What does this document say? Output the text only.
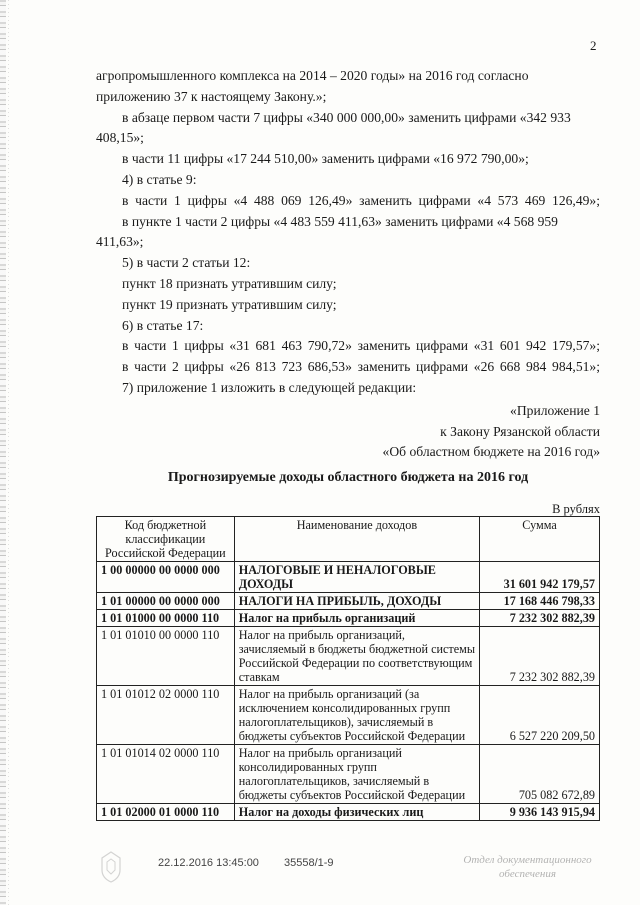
2

агропромышленного комплекса на 2014 – 2020 годы» на 2016 год согласно приложению 37 к настоящему Закону.»;

в абзаце первом части 7 цифры «340 000 000,00» заменить цифрами «342 933 408,15»;

в части 11 цифры «17 244 510,00» заменить цифрами «16 972 790,00»;

4) в статье 9:

в части 1 цифры «4 488 069 126,49» заменить цифрами «4 573 469 126,49»;

в пункте 1 части 2 цифры «4 483 559 411,63» заменить цифрами «4 568 959 411,63»;

5) в части 2 статьи 12:

пункт 18 признать утратившим силу;

пункт 19 признать утратившим силу;

6) в статье 17:

в части 1 цифры «31 681 463 790,72» заменить цифрами «31 601 942 179,57»;

в части 2 цифры «26 813 723 686,53» заменить цифрами «26 668 984 984,51»;

7) приложение 1 изложить в следующей редакции:

«Приложение 1

к Закону Рязанской области

«Об областном бюджете на 2016 год»

Прогнозируемые доходы областного бюджета на 2016 год
В рублях
Код бюджетной классификации Российской Федерации	Наименование доходов	Сумма
1 00 00000 00 0000 000	НАЛОГОВЫЕ И НЕНАЛОГОВЫЕ ДОХОДЫ	31 601 942 179,57
1 01 00000 00 0000 000	НАЛОГИ НА ПРИБЫЛЬ, ДОХОДЫ	17 168 446 798,33
1 01 01000 00 0000 110	Налог на прибыль организаций	7 232 302 882,39
1 01 01010 00 0000 110	Налог на прибыль организаций, зачисляемый в бюджеты бюджетной системы Российской Федерации по соответствующим ставкам	7 232 302 882,39
1 01 01012 02 0000 110	Налог на прибыль организаций (за исключением консолидированных групп налогоплательщиков), зачисляемый в бюджеты субъектов Российской Федерации	6 527 220 209,50
1 01 01014 02 0000 110	Налог на прибыль организаций консолидированных групп налогоплательщиков, зачисляемый в бюджеты субъектов Российской Федерации	705 082 672,89
1 01 02000 01 0000 110	Налог на доходы физических лиц	9 936 143 915,94
22.12.2016 13:45:00 35558/1-9	Отдел документационного
обеспечения
